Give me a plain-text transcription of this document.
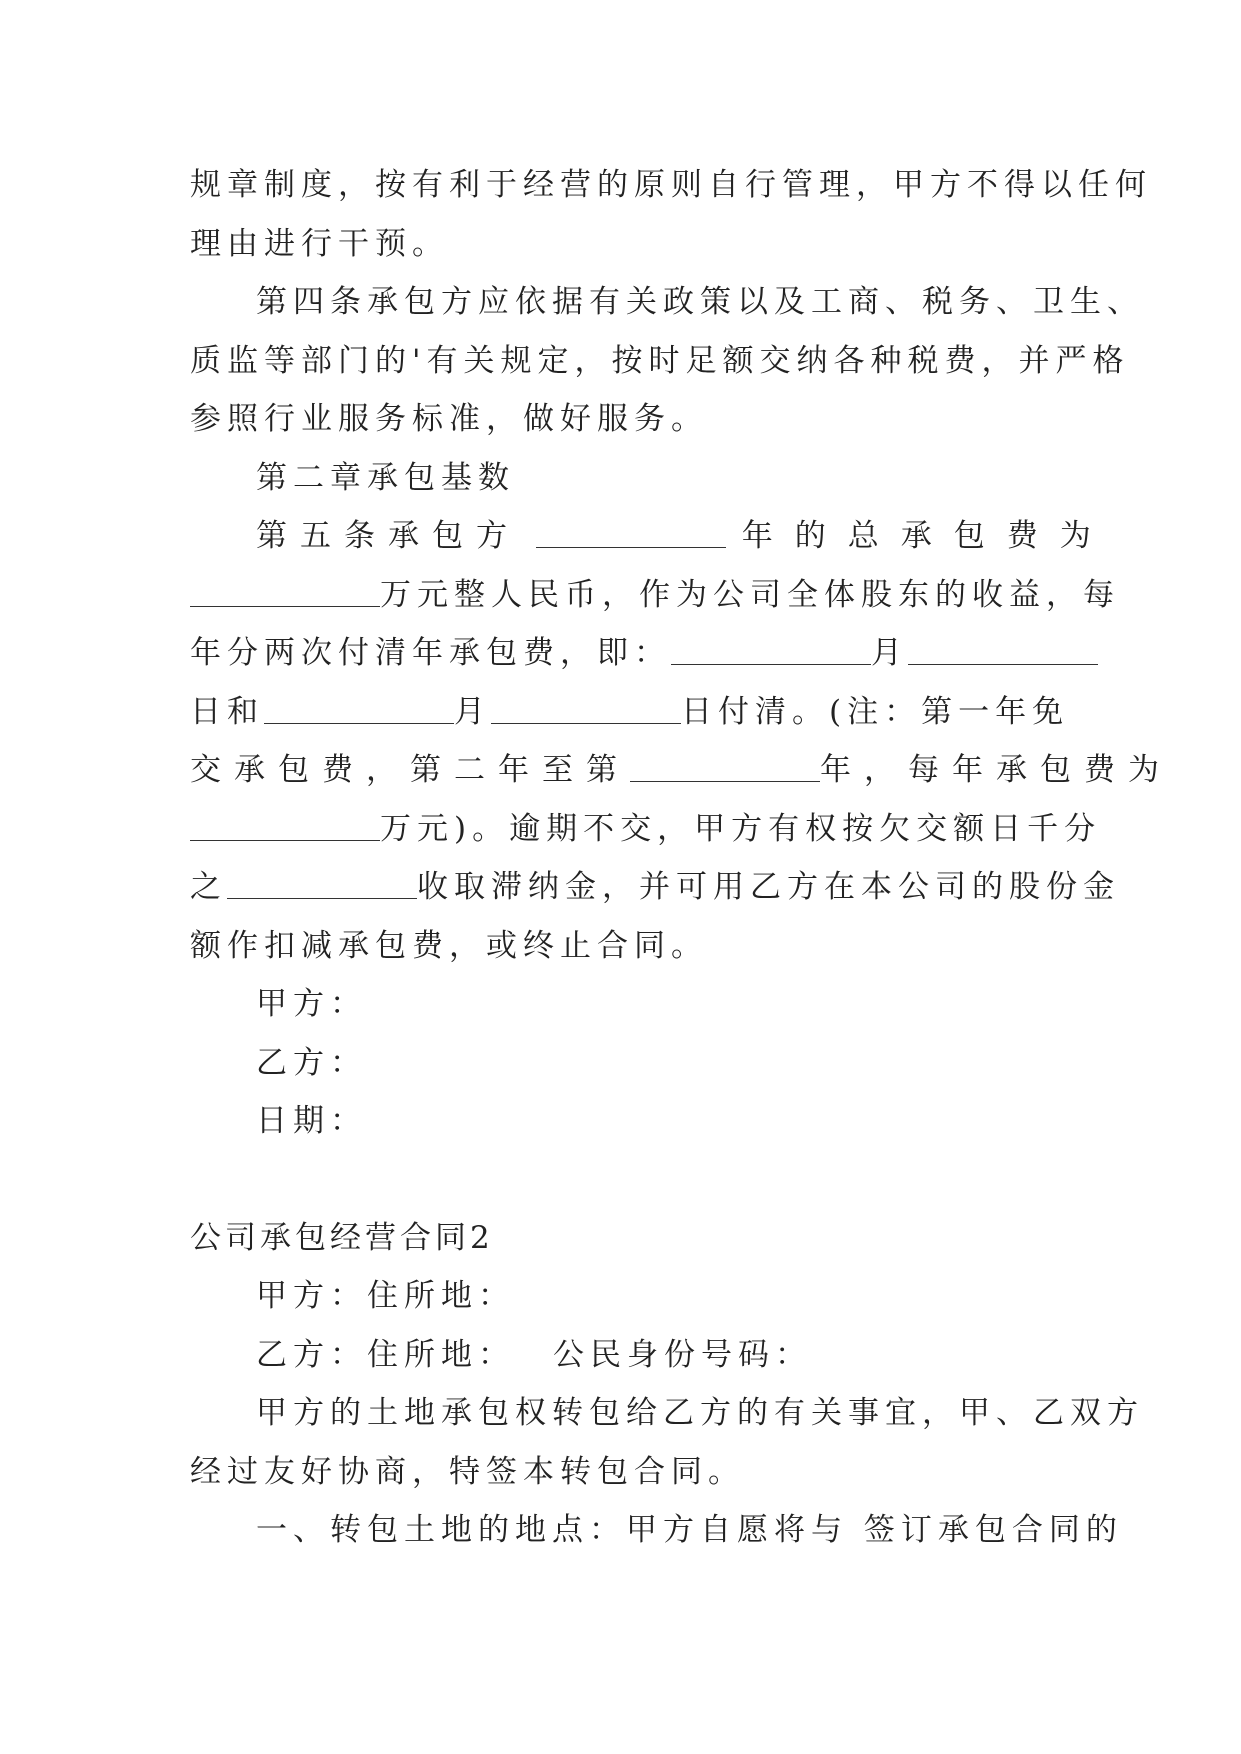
规章制度，按有利于经营的原则自行管理，甲方不得以任何

理由进行干预。

第四条承包方应依据有关政策以及工商、税务、卫生、

质监等部门的'有关规定，按时足额交纳各种税费，并严格

参照行业服务标准，做好服务。

第二章承包基数

第五条承包方	年的总承包费为

万元整人民币，作为公司全体股东的收益，每

年分两次付清年承包费，即：	月

日和	月	日付清。(注：第一年免

交承包费，第二年至第	年，每年承包费为

万元)。逾期不交，甲方有权按欠交额日千分

之	收取滞纳金，并可用乙方在本公司的股份金

额作扣减承包费，或终止合同。

甲方：

乙方：

日期：

公司承包经营合同2

甲方：住所地：

乙方：住所地： 公民身份号码：

甲方的土地承包权转包给乙方的有关事宜，甲、乙双方

经过友好协商，特签本转包合同。

一、转包土地的地点：甲方自愿将与 签订承包合同的
